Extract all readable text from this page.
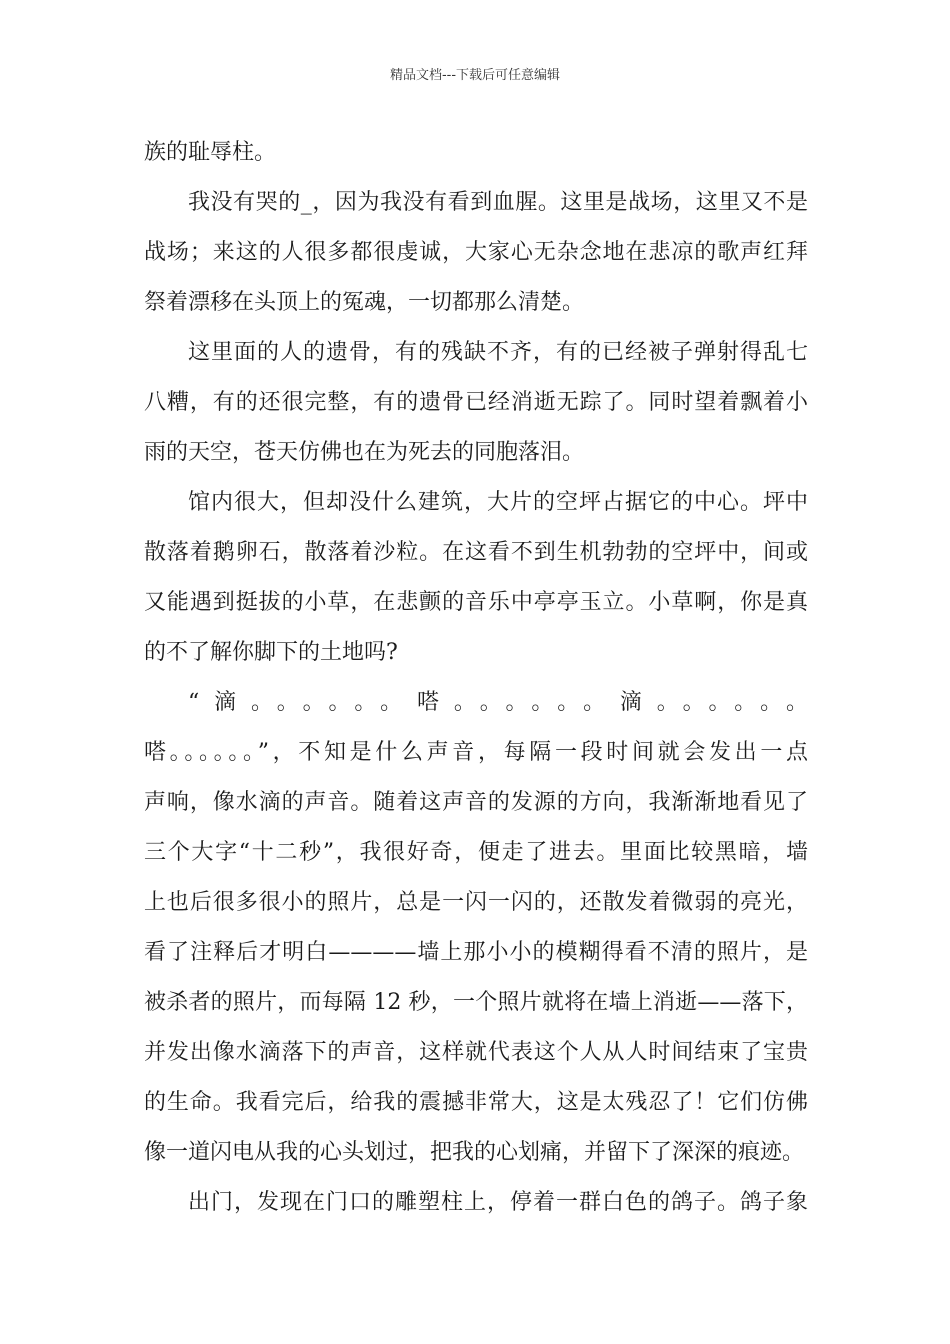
精品文档---下载后可任意编辑
族的耻辱柱。
我没有哭的_，因为我没有看到血腥。这里是战场，这里又不是
战场；来这的人很多都很虔诚，大家心无杂念地在悲凉的歌声红拜
祭着漂移在头顶上的冤魂，一切都那么清楚。
这里面的人的遗骨，有的残缺不齐，有的已经被子弹射得乱七
八糟，有的还很完整，有的遗骨已经消逝无踪了。同时望着飘着小
雨的天空，苍天仿佛也在为死去的同胞落泪。
馆内很大，但却没什么建筑，大片的空坪占据它的中心。坪中
散落着鹅卵石，散落着沙粒。在这看不到生机勃勃的空坪中，间或
又能遇到挺拔的小草，在悲颤的音乐中亭亭玉立。小草啊，你是真
的不了解你脚下的土地吗?
“滴。。。。。。嗒。。。。。。滴。。。。。。
嗒。。。。。。”，不知是什么声音，每隔一段时间就会发出一点
声响，像水滴的声音。随着这声音的发源的方向，我渐渐地看见了
三个大字“十二秒”，我很好奇，便走了进去。里面比较黑暗，墙
上也后很多很小的照片，总是一闪一闪的，还散发着微弱的亮光，
看了注释后才明白————墙上那小小的模糊得看不清的照片，是
被杀者的照片，而每隔 12 秒，一个照片就将在墙上消逝——落下，
并发出像水滴落下的声音，这样就代表这个人从人时间结束了宝贵
的生命。我看完后，给我的震撼非常大，这是太残忍了！它们仿佛
像一道闪电从我的心头划过，把我的心划痛，并留下了深深的痕迹。
出门，发现在门口的雕塑柱上，停着一群白色的鸽子。鸽子象
